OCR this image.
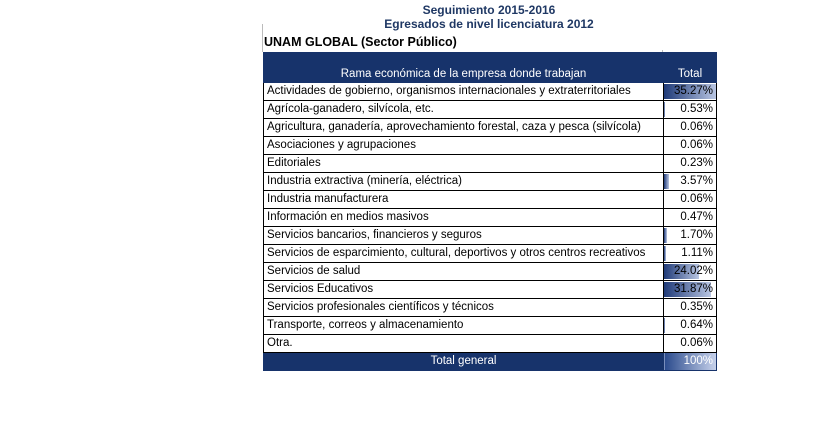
Seguimiento 2015-2016
Egresados de nivel licenciatura 2012
UNAM GLOBAL (Sector Público)
Rama económica de la empresa donde trabajan	Total
Actividades de gobierno, organismos internacionales y extraterritoriales	35.27%
Agrícola-ganadero, silvícola, etc.	0.53%
Agricultura, ganadería, aprovechamiento forestal, caza y pesca (silvícola)	0.06%
Asociaciones y agrupaciones	0.06%
Editoriales	0.23%
Industria extractiva (minería, eléctrica)	3.57%
Industria manufacturera	0.06%
Información en medios masivos	0.47%
Servicios bancarios, financieros y seguros	1.70%
Servicios de esparcimiento, cultural, deportivos y otros centros recreativos	1.11%
Servicios de salud	24.02%
Servicios Educativos	31.87%
Servicios profesionales científicos y técnicos	0.35%
Transporte, correos y almacenamiento	0.64%
Otra.	0.06%
Total general	100%
